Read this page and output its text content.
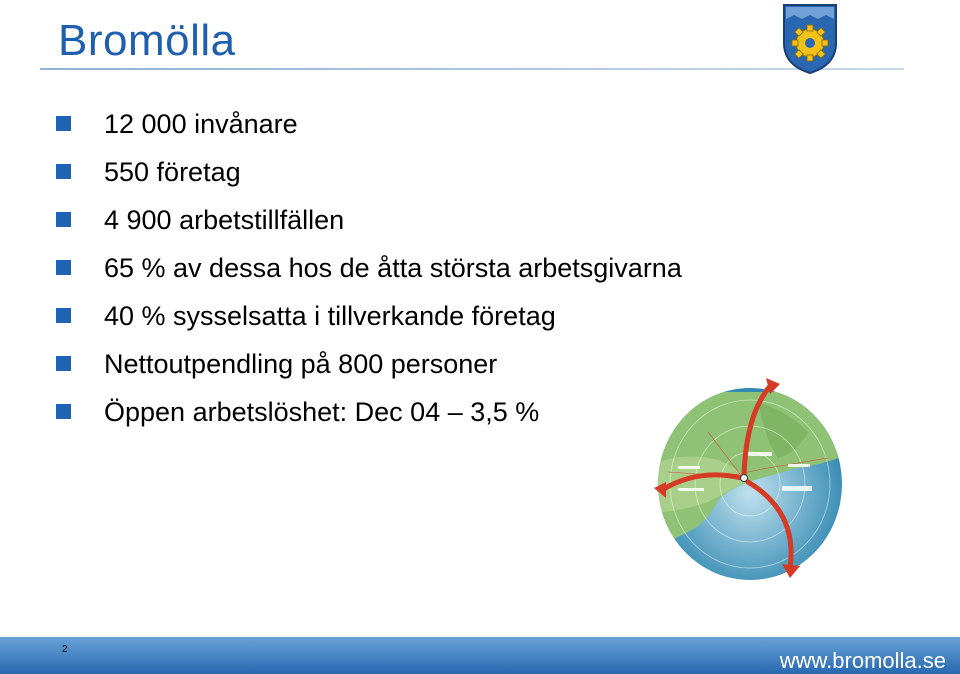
Bromölla
12 000 invånare
550 företag
4 900 arbetstillfällen
65 % av dessa hos de åtta största arbetsgivarna
40 % sysselsatta i tillverkande företag
Nettoutpendling på 800 personer
Öppen arbetslöshet: Dec 04 – 3,5 %
2	www.bromolla.se
